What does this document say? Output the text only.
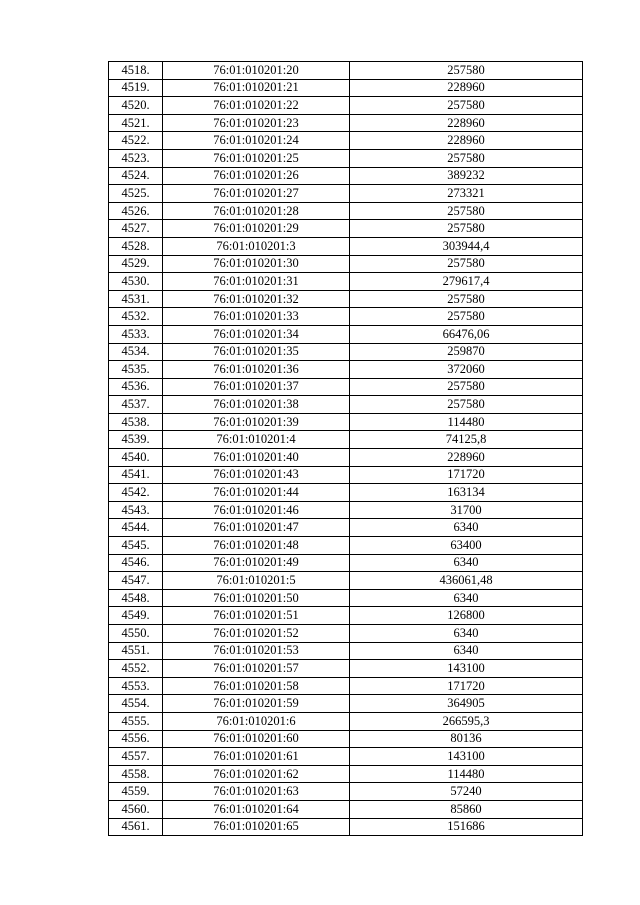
4518.	76:01:010201:20	257580
4519.	76:01:010201:21	228960
4520.	76:01:010201:22	257580
4521.	76:01:010201:23	228960
4522.	76:01:010201:24	228960
4523.	76:01:010201:25	257580
4524.	76:01:010201:26	389232
4525.	76:01:010201:27	273321
4526.	76:01:010201:28	257580
4527.	76:01:010201:29	257580
4528.	76:01:010201:3	303944,4
4529.	76:01:010201:30	257580
4530.	76:01:010201:31	279617,4
4531.	76:01:010201:32	257580
4532.	76:01:010201:33	257580
4533.	76:01:010201:34	66476,06
4534.	76:01:010201:35	259870
4535.	76:01:010201:36	372060
4536.	76:01:010201:37	257580
4537.	76:01:010201:38	257580
4538.	76:01:010201:39	114480
4539.	76:01:010201:4	74125,8
4540.	76:01:010201:40	228960
4541.	76:01:010201:43	171720
4542.	76:01:010201:44	163134
4543.	76:01:010201:46	31700
4544.	76:01:010201:47	6340
4545.	76:01:010201:48	63400
4546.	76:01:010201:49	6340
4547.	76:01:010201:5	436061,48
4548.	76:01:010201:50	6340
4549.	76:01:010201:51	126800
4550.	76:01:010201:52	6340
4551.	76:01:010201:53	6340
4552.	76:01:010201:57	143100
4553.	76:01:010201:58	171720
4554.	76:01:010201:59	364905
4555.	76:01:010201:6	266595,3
4556.	76:01:010201:60	80136
4557.	76:01:010201:61	143100
4558.	76:01:010201:62	114480
4559.	76:01:010201:63	57240
4560.	76:01:010201:64	85860
4561.	76:01:010201:65	151686
